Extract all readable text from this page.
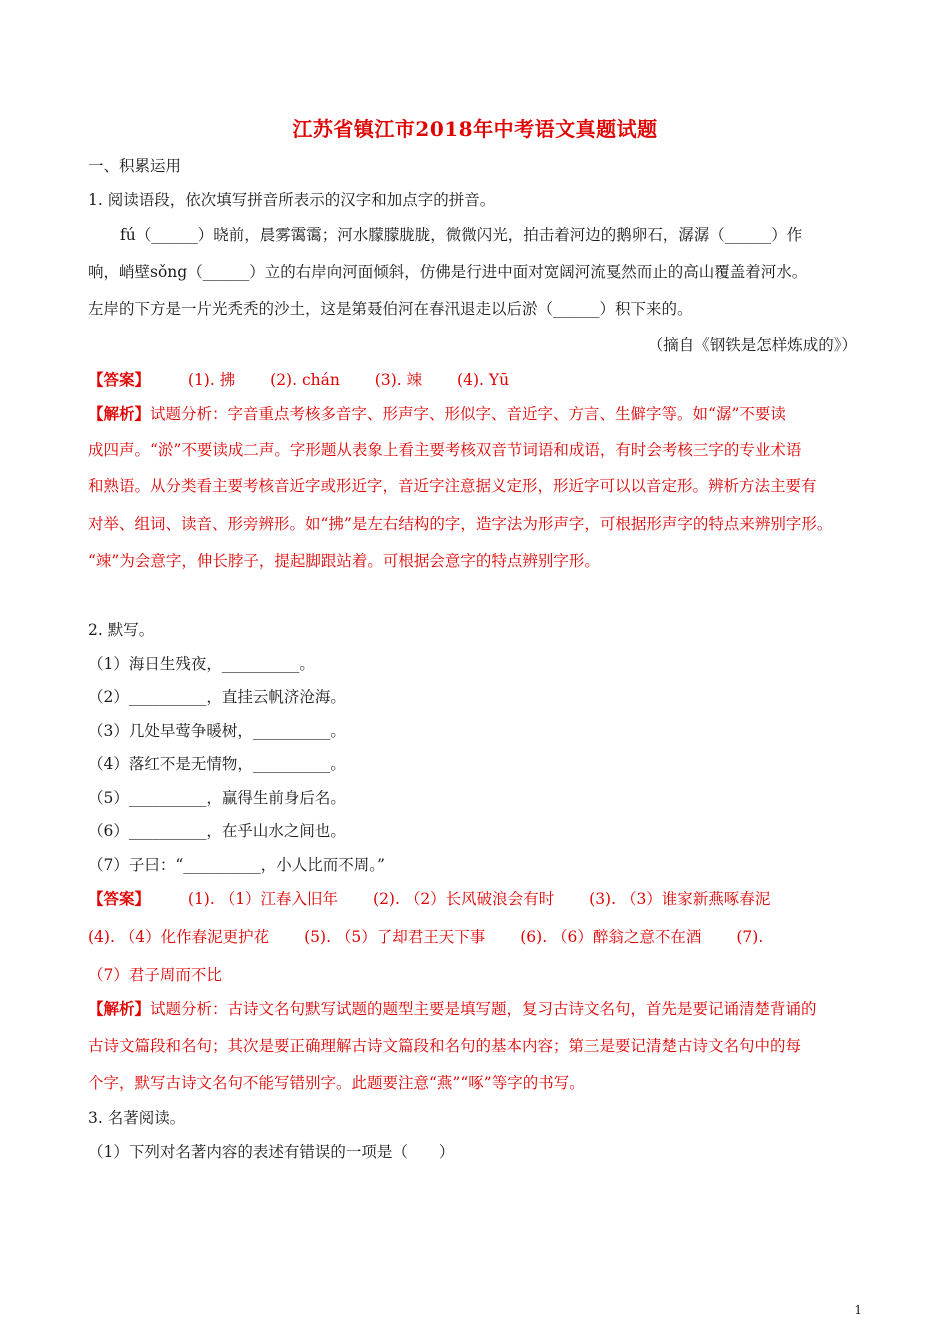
江苏省镇江市2018年中考语文真题试题
一、积累运用
1. 阅读语段，依次填写拼音所表示的汉字和加点字的拼音。
fú（______）晓前，晨雾霭霭；河水朦朦胧胧，微微闪光，拍击着河边的鹅卵石，潺潺（______）作
响，峭壁sǒng（______）立的右岸向河面倾斜，仿佛是行进中面对宽阔河流戛然而止的高山覆盖着河水。
左岸的下方是一片光秃秃的沙土，这是第聂伯河在春汛退走以后淤（______）积下来的。
（摘自《钢铁是怎样炼成的》）
【答案】 (1). 拂 (2). chán (3). 竦 (4). Yū
【解析】试题分析：字音重点考核多音字、形声字、形似字、音近字、方言、生僻字等。如“潺”不要读
成四声。“淤”不要读成二声。字形题从表象上看主要考核双音节词语和成语，有时会考核三字的专业术语
和熟语。从分类看主要考核音近字或形近字，音近字注意据义定形，形近字可以以音定形。辨析方法主要有
对举、组词、读音、形旁辨形。如“拂”是左右结构的字，造字法为形声字，可根据形声字的特点来辨别字形。
“竦”为会意字，伸长脖子，提起脚跟站着。可根据会意字的特点辨别字形。
2. 默写。
（1）海日生残夜，__________。
（2）__________，直挂云帆济沧海。
（3）几处早莺争暖树，__________。
（4）落红不是无情物，__________。
（5）__________，赢得生前身后名。
（6）__________，在乎山水之间也。
（7）子曰：“__________，小人比而不周。”
【答案】 (1). （1）江春入旧年 (2). （2）长风破浪会有时 (3). （3）谁家新燕啄春泥
(4). （4）化作春泥更护花 (5). （5）了却君王天下事 (6). （6）醉翁之意不在酒 (7).
（7）君子周而不比
【解析】试题分析：古诗文名句默写试题的题型主要是填写题，复习古诗文名句，首先是要记诵清楚背诵的
古诗文篇段和名句；其次是要正确理解古诗文篇段和名句的基本内容；第三是要记清楚古诗文名句中的每
个字，默写古诗文名句不能写错别字。此题要注意“燕”“啄”等字的书写。
3. 名著阅读。
（1）下列对名著内容的表述有错误的一项是（　　）
1
